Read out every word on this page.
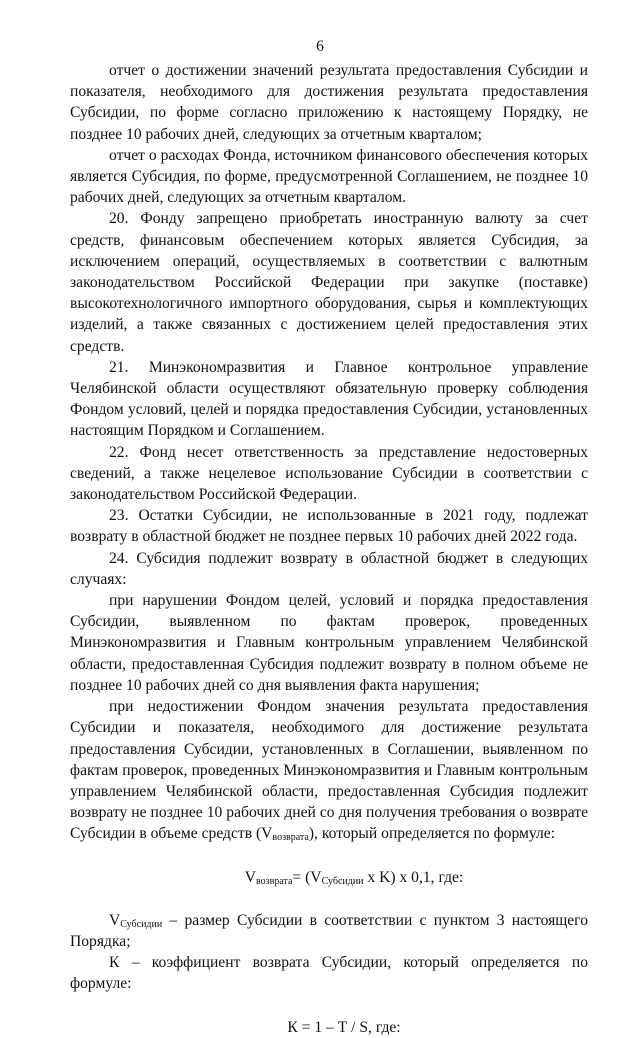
6

отчет о достижении значений результата предоставления Субсидии и показателя, необходимого для достижения результата предоставления Субсидии, по форме согласно приложению к настоящему Порядку, не позднее 10 рабочих дней, следующих за отчетным кварталом;

отчет о расходах Фонда, источником финансового обеспечения которых является Субсидия, по форме, предусмотренной Соглашением, не позднее 10 рабочих дней, следующих за отчетным кварталом.

20. Фонду запрещено приобретать иностранную валюту за счет средств, финансовым обеспечением которых является Субсидия, за исключением операций, осуществляемых в соответствии с валютным законодательством Российской Федерации при закупке (поставке) высокотехнологичного импортного оборудования, сырья и комплектующих изделий, а также связанных с достижением целей предоставления этих средств.

21. Минэкономразвития и Главное контрольное управление Челябинской области осуществляют обязательную проверку соблюдения Фондом условий, целей и порядка предоставления Субсидии, установленных настоящим Порядком и Соглашением.

22. Фонд несет ответственность за представление недостоверных сведений, а также нецелевое использование Субсидии в соответствии с законодательством Российской Федерации.

23. Остатки Субсидии, не использованные в 2021 году, подлежат возврату в областной бюджет не позднее первых 10 рабочих дней 2022 года.

24. Субсидия подлежит возврату в областной бюджет в следующих случаях:

при нарушении Фондом целей, условий и порядка предоставления Субсидии, выявленном по фактам проверок, проведенных Минэкономразвития и Главным контрольным управлением Челябинской области, предоставленная Субсидия подлежит возврату в полном объеме не позднее 10 рабочих дней со дня выявления факта нарушения;

при недостижении Фондом значения результата предоставления Субсидии и показателя, необходимого для достижение результата предоставления Субсидии, установленных в Соглашении, выявленном по фактам проверок, проведенных Минэкономразвития и Главным контрольным управлением Челябинской области, предоставленная Субсидия подлежит возврату не позднее 10 рабочих дней со дня получения требования о возврате Субсидии в объеме средств $(V_{возврата})$, который определяется по формуле:

$V_{возврата}= (V_{Субсидии}$ x K) x 0,1, где:

$V_{Субсидии}$ – размер Субсидии в соответствии с пунктом 3 настоящего Порядка;

К – коэффициент возврата Субсидии, который определяется по формуле:

К = 1 – Т / S, где:
